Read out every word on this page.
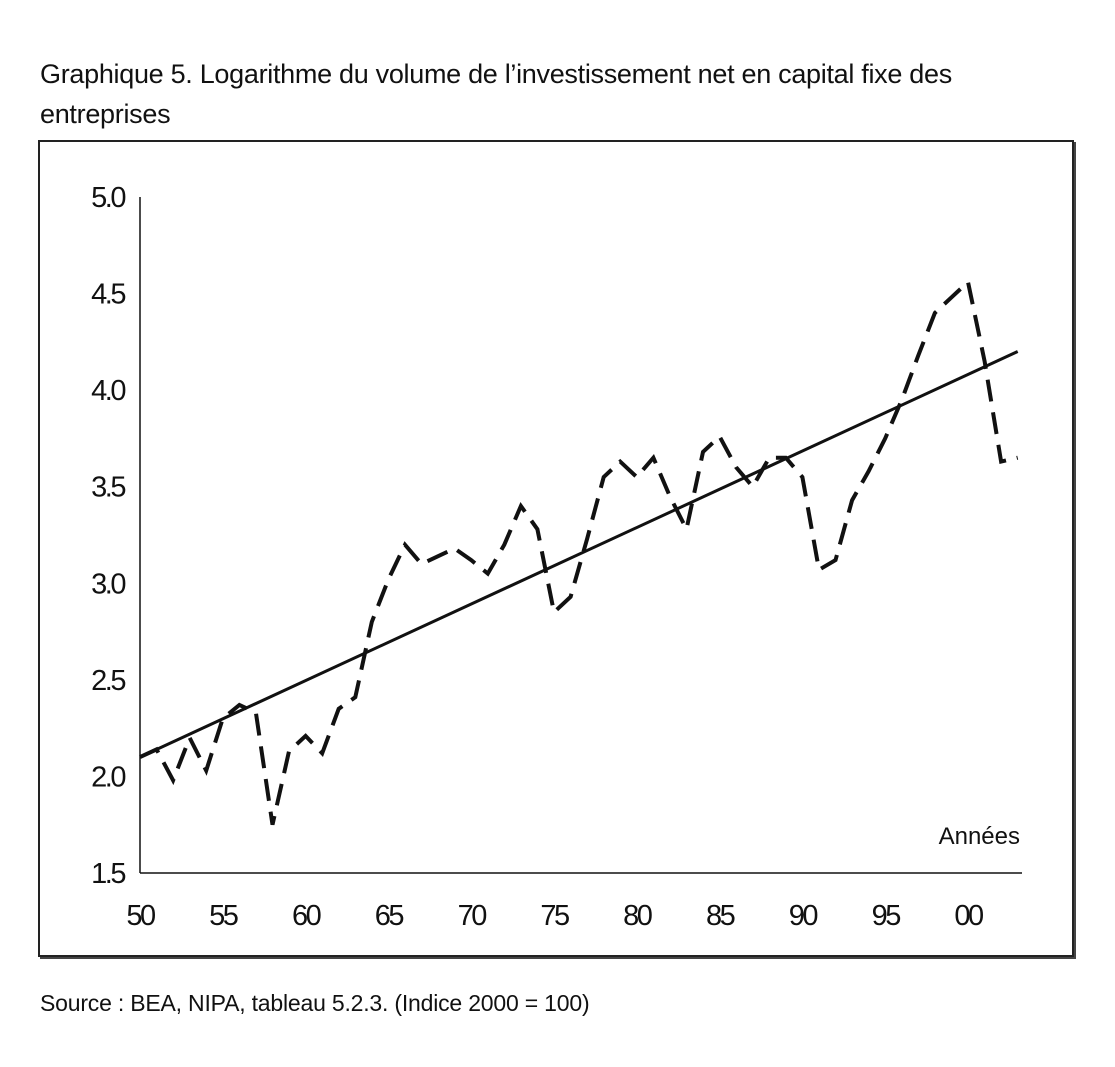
Graphique 5. Logarithme du volume de l’investissement net en capital fixe des entreprises
1.5
2.0
2.5
3.0
3.5
4.0
4.5
5.0
50 55 60 65 70 75 80 85 90 95 00
Années
Source : BEA, NIPA, tableau 5.2.3. (Indice 2000 = 100)
